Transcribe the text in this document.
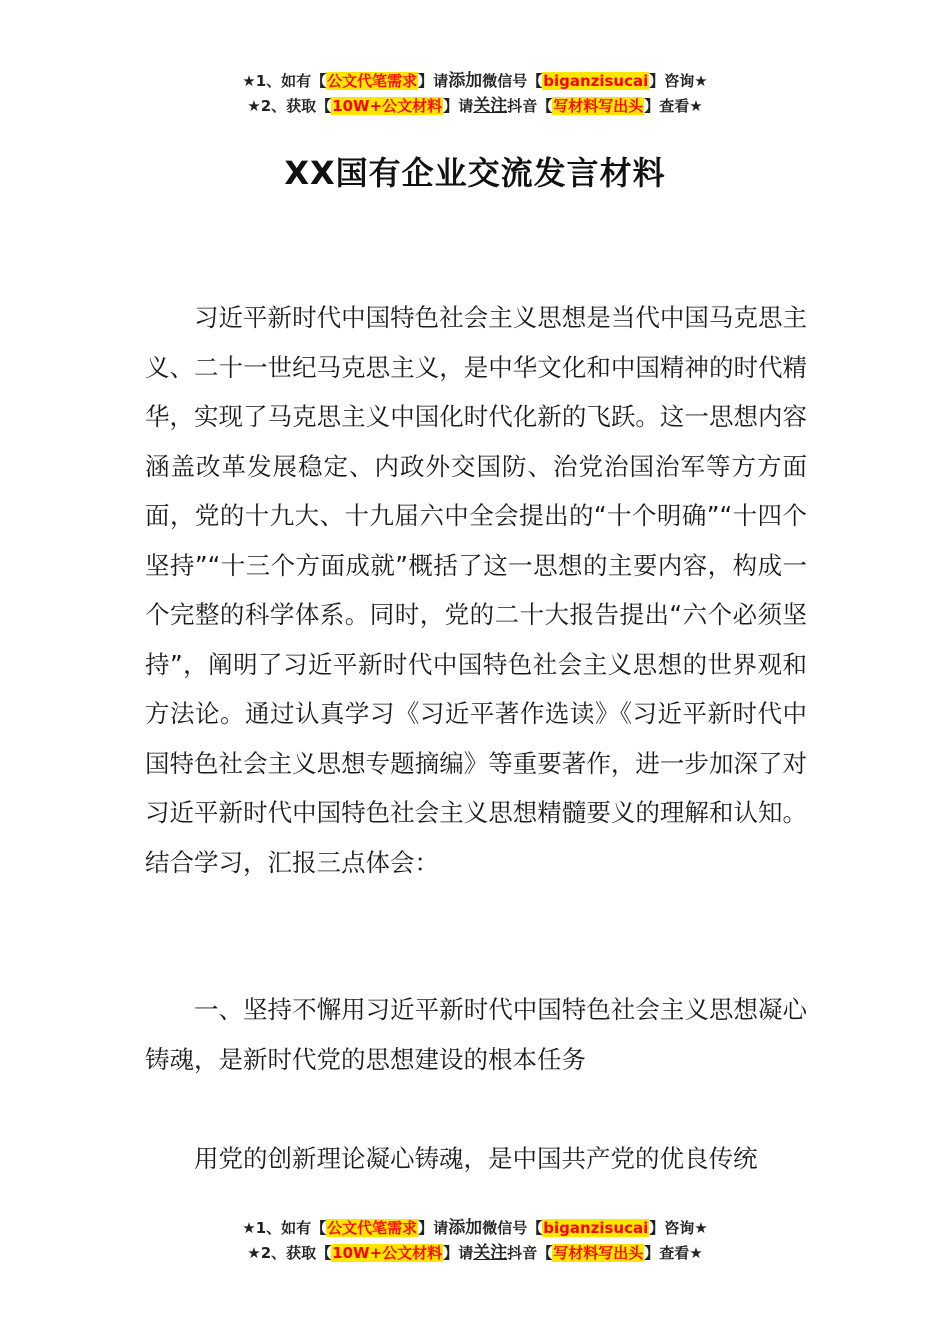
★1、如有【公文代笔需求】请添加微信号【biganzisucai】咨询★
★2、获取【10W+公文材料】请关注抖音【写材料写出头】查看★
XX国有企业交流发言材料

习近平新时代中国特色社会主义思想是当代中国马克思主义、二十一世纪马克思主义，是中华文化和中国精神的时代精华，实现了马克思主义中国化时代化新的飞跃。这一思想内容涵盖改革发展稳定、内政外交国防、治党治国治军等方方面面，党的十九大、十九届六中全会提出的“十个明确”“十四个坚持”“十三个方面成就”概括了这一思想的主要内容，构成一个完整的科学体系。同时，党的二十大报告提出“六个必须坚持”，阐明了习近平新时代中国特色社会主义思想的世界观和方法论。通过认真学习《习近平著作选读》《习近平新时代中国特色社会主义思想专题摘编》等重要著作，进一步加深了对习近平新时代中国特色社会主义思想精髓要义的理解和认知。结合学习，汇报三点体会：

一、坚持不懈用习近平新时代中国特色社会主义思想凝心铸魂，是新时代党的思想建设的根本任务

用党的创新理论凝心铸魂，是中国共产党的优良传统

★1、如有【公文代笔需求】请添加微信号【biganzisucai】咨询★
★2、获取【10W+公文材料】请关注抖音【写材料写出头】查看★
